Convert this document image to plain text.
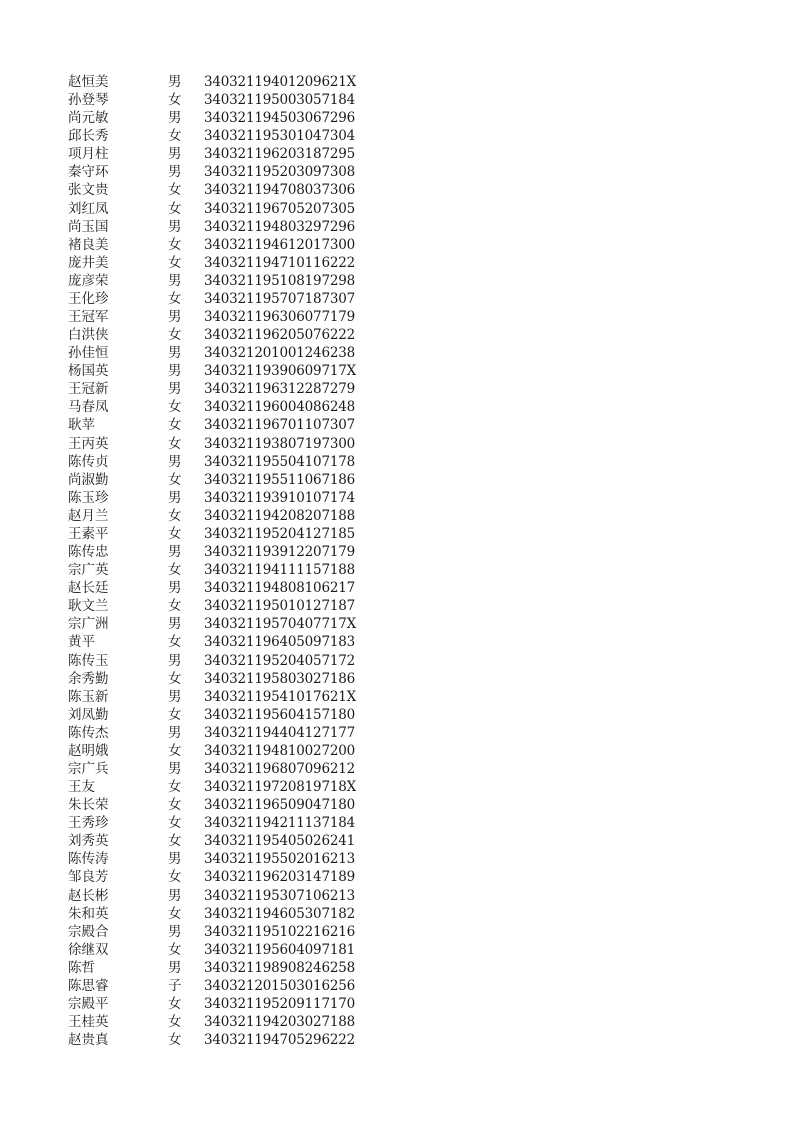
赵恒美	男 34032119401209621X
孙登琴	女 340321195003057184
尚元敏	男 340321194503067296
邱长秀	女 340321195301047304
项月柱	男 340321196203187295
秦守环	男 340321195203097308
张文贵	女 340321194708037306
刘红凤	女 340321196705207305
尚玉国	男 340321194803297296
褚良美	女 340321194612017300
庞井美	女 340321194710116222
庞彦荣	男 340321195108197298
王化珍	女 340321195707187307
王冠军	男 340321196306077179
白洪侠	女 340321196205076222
孙佳恒	男 340321201001246238
杨国英	男 34032119390609717X
王冠新	男 340321196312287279
马春凤	女 340321196004086248
耿苹	女 340321196701107307
王丙英	女 340321193807197300
陈传贞	男 340321195504107178
尚淑勤	女 340321195511067186
陈玉珍	男 340321193910107174
赵月兰	女 340321194208207188
王素平	女 340321195204127185
陈传忠	男 340321193912207179
宗广英	女 340321194111157188
赵长廷	男 340321194808106217
耿文兰	女 340321195010127187
宗广洲	男 34032119570407717X
黄平	女 340321196405097183
陈传玉	男 340321195204057172
余秀勤	女 340321195803027186
陈玉新	男 34032119541017621X
刘凤勤	女 340321195604157180
陈传杰	男 340321194404127177
赵明娥	女 340321194810027200
宗广兵	男 340321196807096212
王友	女 34032119720819718X
朱长荣	女 340321196509047180
王秀珍	女 340321194211137184
刘秀英	女 340321195405026241
陈传涛	男 340321195502016213
邹良芳	女 340321196203147189
赵长彬	男 340321195307106213
朱和英	女 340321194605307182
宗殿合	男 340321195102216216
徐继双	女 340321195604097181
陈哲	男 340321198908246258
陈思睿	子 340321201503016256
宗殿平	女 340321195209117170
王桂英	女 340321194203027188
赵贵真	女 340321194705296222
